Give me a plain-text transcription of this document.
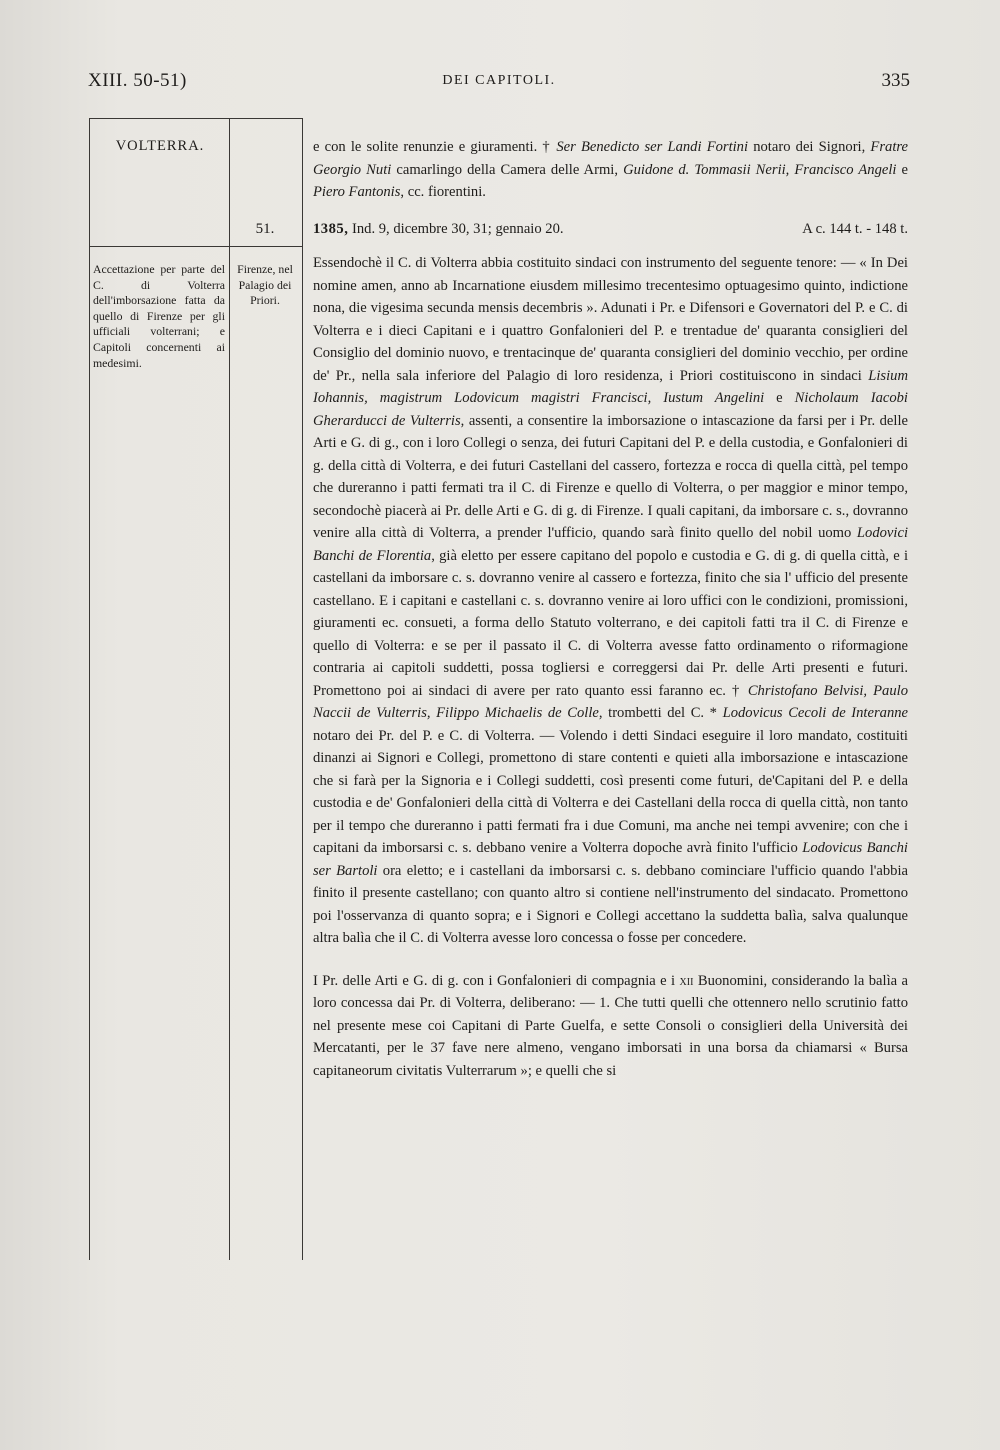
XIII. 50-51)	DEI CAPITOLI.	335
VOLTERRA.
51.
Accettazione per parte del C. di Volterra dell'imborsazione fatta da quello di Firenze per gli ufficiali volterrani; e Capitoli concernenti ai medesimi.
Firenze, nel Palagio dei Priori.

e con le solite renunzie e giuramenti. † Ser Benedicto ser Landi Fortini notaro dei Signori, Fratre Georgio Nuti camarlingo della Camera delle Armi, Guidone d. Tommasii Nerii, Francisco Angeli e Piero Fantonis, cc. fiorentini.

1385, Ind. 9, dicembre 30, 31; gennaio 20.	A c. 144 t. - 148 t.

Essendochè il C. di Volterra abbia costituito sindaci con instrumento del seguente tenore: — « In Dei nomine amen, anno ab Incarnatione eiusdem millesimo trecentesimo optuagesimo quinto, indictione nona, die vigesima secunda mensis decembris ». Adunati i Pr. e Difensori e Governatori del P. e C. di Volterra e i dieci Capitani e i quattro Gonfalonieri del P. e trentadue de' quaranta consiglieri del Consiglio del dominio nuovo, e trentacinque de' quaranta consiglieri del dominio vecchio, per ordine de' Pr., nella sala inferiore del Palagio di loro residenza, i Priori costituiscono in sindaci Lisium Iohannis, magistrum Lodovicum magistri Francisci, Iustum Angelini e Nicholaum Iacobi Gherarducci de Vulterris, assenti, a consentire la imborsazione o intascazione da farsi per i Pr. delle Arti e G. di g., con i loro Collegi o senza, dei futuri Capitani del P. e della custodia, e Gonfalonieri di g. della città di Volterra, e dei futuri Castellani del cassero, fortezza e rocca di quella città, pel tempo che dureranno i patti fermati tra il C. di Firenze e quello di Volterra, o per maggior e minor tempo, secondochè piacerà ai Pr. delle Arti e G. di g. di Firenze. I quali capitani, da imborsare c. s., dovranno venire alla città di Volterra, a prender l'ufficio, quando sarà finito quello del nobil uomo Lodovici Banchi de Florentia, già eletto per essere capitano del popolo e custodia e G. di g. di quella città, e i castellani da imborsare c. s. dovranno venire al cassero e fortezza, finito che sia l' ufficio del presente castellano. E i capitani e castellani c. s. dovranno venire ai loro uffici con le condizioni, promissioni, giuramenti ec. consueti, a forma dello Statuto volterrano, e dei capitoli fatti tra il C. di Firenze e quello di Volterra: e se per il passato il C. di Volterra avesse fatto ordinamento o riformagione contraria ai capitoli suddetti, possa togliersi e correggersi dai Pr. delle Arti presenti e futuri. Promettono poi ai sindaci di avere per rato quanto essi faranno ec. † Christofano Belvisi, Paulo Naccii de Vulterris, Filippo Michaelis de Colle, trombetti del C. * Lodovicus Cecoli de Interanne notaro dei Pr. del P. e C. di Volterra. — Volendo i detti Sindaci eseguire il loro mandato, costituiti dinanzi ai Signori e Collegi, promettono di stare contenti e quieti alla imborsazione e intascazione che si farà per la Signoria e i Collegi suddetti, così presenti come futuri, de'Capitani del P. e della custodia e de' Gonfalonieri della città di Volterra e dei Castellani della rocca di quella città, non tanto per il tempo che dureranno i patti fermati fra i due Comuni, ma anche nei tempi avvenire; con che i capitani da imborsarsi c. s. debbano venire a Volterra dopoche avrà finito l'ufficio Lodovicus Banchi ser Bartoli ora eletto; e i castellani da imborsarsi c. s. debbano cominciare l'ufficio quando l'abbia finito il presente castellano; con quanto altro si contiene nell'instrumento del sindacato. Promettono poi l'osservanza di quanto sopra; e i Signori e Collegi accettano la suddetta balìa, salva qualunque altra balìa che il C. di Volterra avesse loro concessa o fosse per concedere.

I Pr. delle Arti e G. di g. con i Gonfalonieri di compagnia e i xii Buonomini, considerando la balìa a loro concessa dai Pr. di Volterra, deliberano: — 1. Che tutti quelli che ottennero nello scrutinio fatto nel presente mese coi Capitani di Parte Guelfa, e sette Consoli o consiglieri della Università dei Mercatanti, per le 37 fave nere almeno, vengano imborsati in una borsa da chiamarsi « Bursa capitaneorum civitatis Vulterrarum »; e quelli che si
